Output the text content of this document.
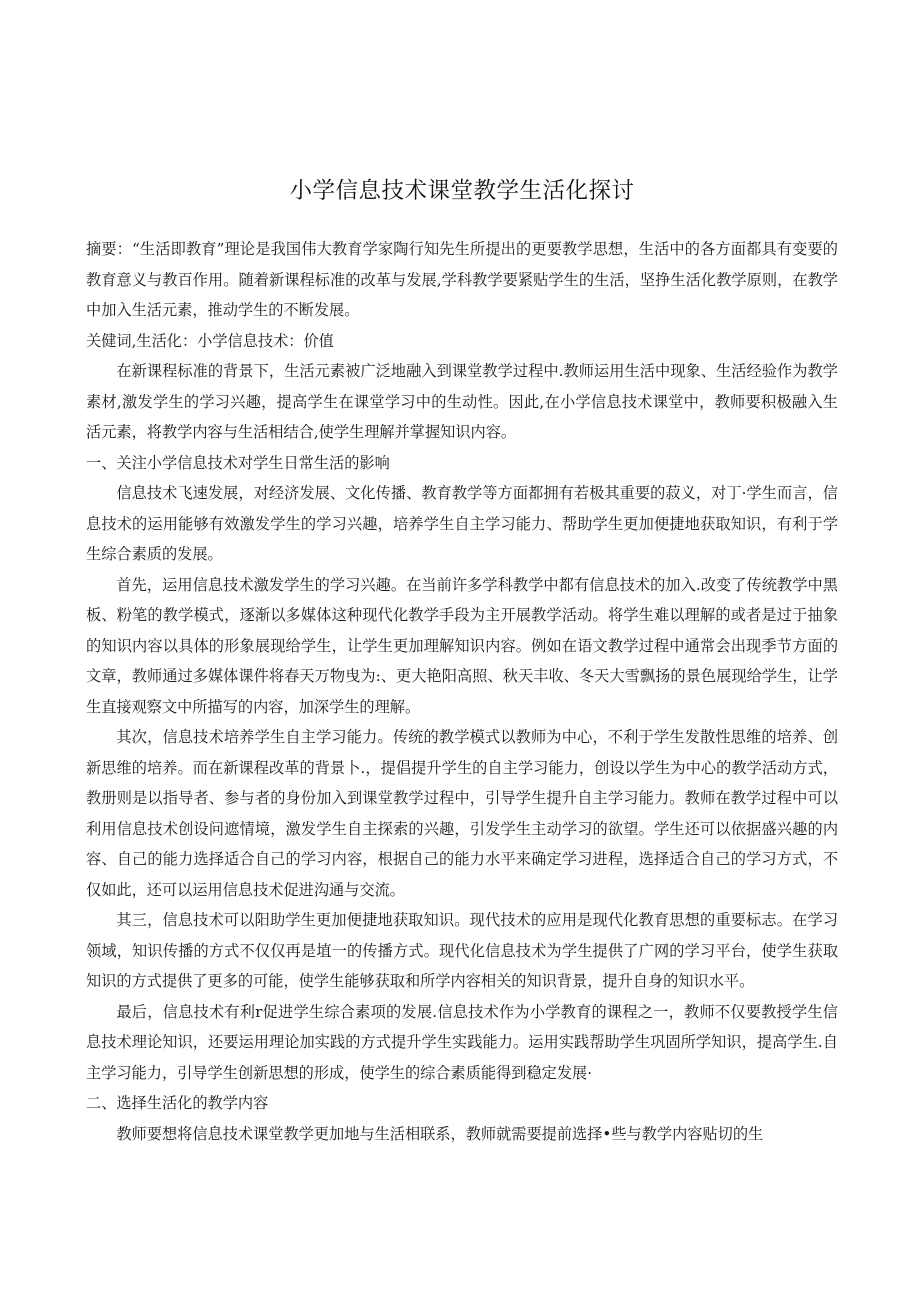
小学信息技术课堂教学生活化探讨

摘要：“生活即教育”理论是我国伟大教育学家陶行知先生所提出的更要教学思想，生活中的各方面都具有变要的教育意义与教百作用。随着新课程标准的改革与发展,学科教学要紧贴学生的生活，坚挣生活化教学原则，在教学中加入生活元素，推动学生的不断发展。

关健词,生活化：小学信息技术：价值

在新课程标准的背景下，生活元素被广泛地融入到课堂教学过程中.教师运用生活中现象、生活经验作为教学素材,激发学生的学习兴趣，提高学生在课堂学习中的生动性。因此,在小学信息技术课堂中，教师要积极融入生活元素，将教学内容与生活相结合,使学生理解并掌握知识内容。

一、关注小学信息技术对学生日常生活的影响

信息技术飞速发展，对经济发展、文化传播、教育教学等方面都拥有若极其重要的菽义，对丁·学生而言，信息技术的运用能够有效激发学生的学习兴趣，培养学生自主学习能力、帮助学生更加便捷地获取知识，有利于学生综合素质的发展。

首先，运用信息技术激发学生的学习兴趣。在当前许多学科教学中都有信息技术的加入.改变了传统教学中黑板、粉笔的教学模式，逐渐以多媒体这种现代化教学手段为主开展教学活动。将学生难以理解的或者是过于抽象的知识内容以具体的形象展现给学生，让学生更加理解知识内容。例如在语文教学过程中通常会出现季节方面的文章，教师通过多媒体课件将春天万物曳为:、更大艳阳高照、秋天丰收、冬天大雪飘扬的景色展现给学生，让学生直接观察文中所描写的内容，加深学生的理解。

其次，信息技术培养学生自主学习能力。传统的教学模式以教师为中心，不利于学生发散性思维的培养、创新思维的培养。而在新课程改革的背景卜.，提倡提升学生的自主学习能力，创设以学生为中心的教学活动方式，教册则是以指导者、参与者的身份加入到课堂教学过程中，引导学生提升自主学习能力。教师在教学过程中可以利用信息技术创设问遮情境，激发学生自主探索的兴趣，引发学生主动学习的欲望。学生还可以依据盛兴趣的内容、自己的能力选择适合自己的学习内容，根据自己的能力水平来确定学习进程，选择适合自己的学习方式，不仅如此，还可以运用信息技术促进沟通与交流。

其三，信息技术可以阳助学生更加便捷地获取知识。现代技术的应用是现代化教育思想的重要标志。在学习领域，知识传播的方式不仅仅再是埴一的传播方式。现代化信息技术为学生提供了广网的学习平台，使学生获取知识的方式提供了更多的可能，使学生能够获取和所学内容相关的知识背景，提升自身的知识水平。

最后，信息技术有利r促进学生综合素项的发展.信息技术作为小学教育的课程之一，教师不仅要教授学生信息技术理论知识，还要运用理论加实践的方式提升学生实践能力。运用实践帮助学生巩固所学知识，提高学生.自主学习能力，引导学生创新思想的形成，使学生的综合素质能得到稳定发展·

二、选择生活化的教学内容

教师要想将信息技术课堂教学更加地与生活相联系，教师就需要提前选择•些与教学内容贴切的生
